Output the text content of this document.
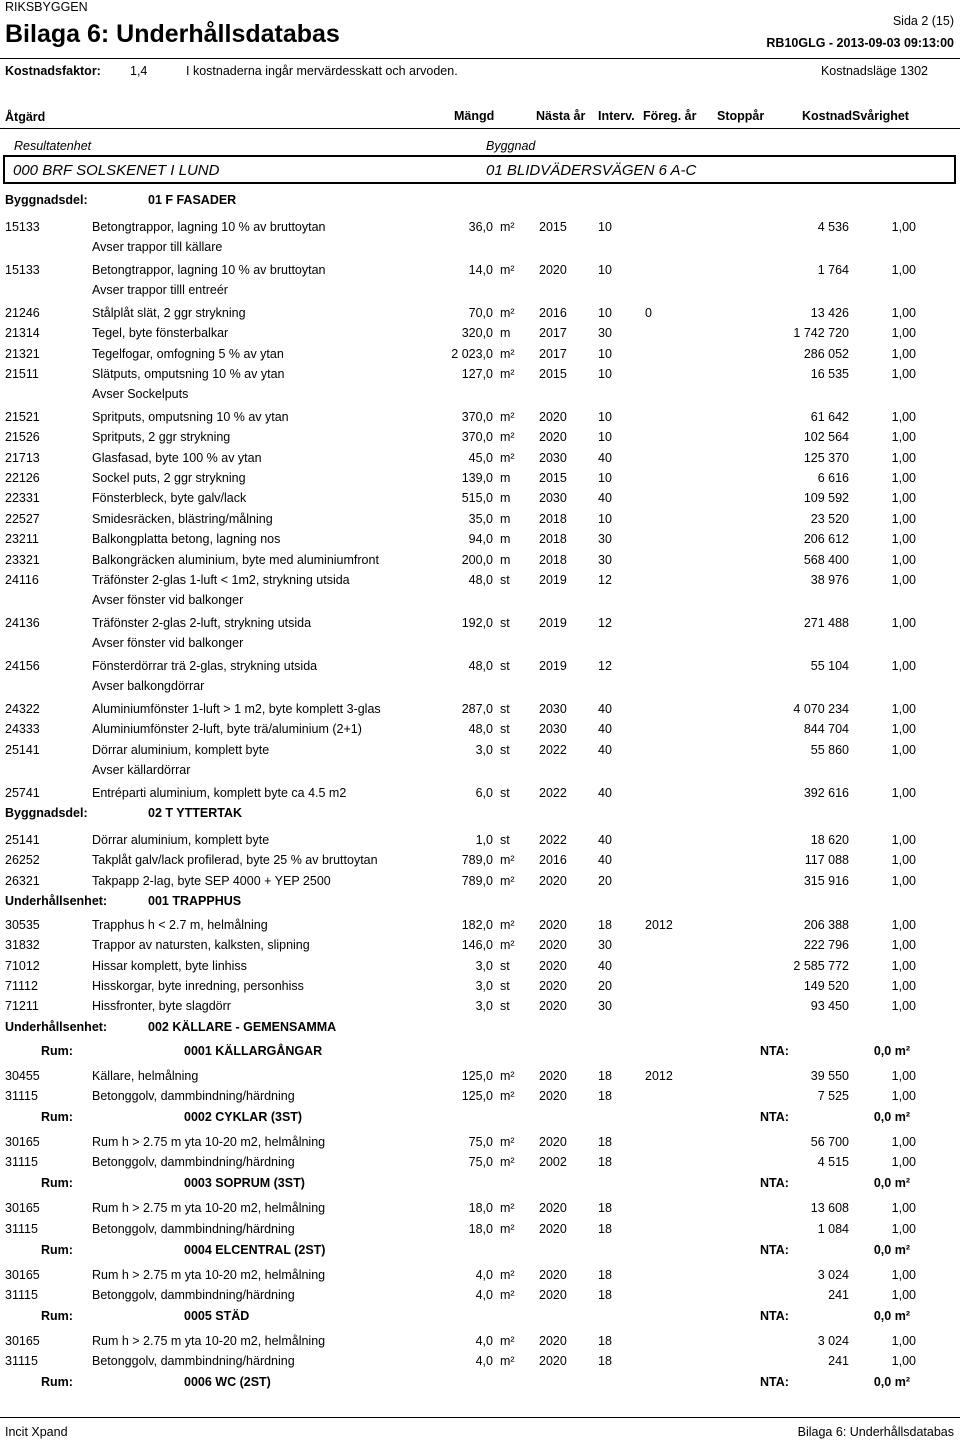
RIKSBYGGEN
Bilaga 6: Underhållsdatabas	Sida 2 (15)
RB10GLG - 2013-09-03 09:13:00
Kostnadsfaktor: 1,4	I kostnaderna ingår mervärdesskatt och arvoden.	Kostnadsläge 1302
Åtgärd	Mängd	Nästa år Interv. Föreg. år Stoppår	Kostnad Svårighet
Resultatenhet	Byggnad
000 BRF SOLSKENET I LUND	01 BLIDVÄDERSVÄGEN 6 A-C
Byggnadsdel:	01 F FASADER
15133	Betongtrappor, lagning 10 % av bruttoytan	36,0 m² 2015 10	4 536	1,00
Avser trappor till källare
15133	Betongtrappor, lagning 10 % av bruttoytan	14,0 m² 2020 10	1 764	1,00
Avser trappor tilll entreér
21246	Stålplåt slät, 2 ggr strykning	70,0 m² 2016 10	0	13 426	1,00
21314	Tegel, byte fönsterbalkar	320,0 m 2017 30	1 742 720	1,00
21321	Tegelfogar, omfogning 5 % av ytan	2 023,0 m² 2017 10	286 052	1,00
21511	Slätputs, omputsning 10 % av ytan	127,0 m² 2015 10	16 535	1,00
Avser Sockelputs
21521	Spritputs, omputsning 10 % av ytan	370,0 m² 2020 10	61 642	1,00
21526	Spritputs, 2 ggr strykning	370,0 m² 2020 10	102 564	1,00
21713	Glasfasad, byte 100 % av ytan	45,0 m² 2030 40	125 370	1,00
22126	Sockel puts, 2 ggr strykning	139,0 m 2015 10	6 616	1,00
22331	Fönsterbleck, byte galv/lack	515,0 m 2030 40	109 592	1,00
22527	Smidesräcken, blästring/målning	35,0 m 2018 10	23 520	1,00
23211	Balkongplatta betong, lagning nos	94,0 m 2018 30	206 612	1,00
23321	Balkongräcken aluminium, byte med aluminiumfront	200,0 m 2018 30	568 400	1,00
24116	Träfönster 2-glas 1-luft < 1m2, strykning utsida	48,0 st 2019 12	38 976	1,00
Avser fönster vid balkonger
24136	Träfönster 2-glas 2-luft, strykning utsida	192,0 st 2019 12	271 488	1,00
Avser fönster vid balkonger
24156	Fönsterdörrar trä 2-glas, strykning utsida	48,0 st 2019 12	55 104	1,00
Avser balkongdörrar
24322	Aluminiumfönster 1-luft > 1 m2, byte komplett 3-glas	287,0 st 2030 40	4 070 234	1,00
24333	Aluminiumfönster 2-luft, byte trä/aluminium (2+1)	48,0 st 2030 40	844 704	1,00
25141	Dörrar aluminium, komplett byte	3,0 st 2022 40	55 860	1,00
Avser källardörrar
25741	Entréparti aluminium, komplett byte ca 4.5 m2	6,0 st 2022 40	392 616	1,00
Byggnadsdel:	02 T YTTERTAK
25141	Dörrar aluminium, komplett byte	1,0 st 2022 40	18 620	1,00
26252	Takplåt galv/lack profilerad, byte 25 % av bruttoytan	789,0 m² 2016 40	117 088	1,00
26321	Takpapp 2-lag, byte SEP 4000 + YEP 2500	789,0 m² 2020 20	315 916	1,00
Underhållsenhet:	001 TRAPPHUS
30535	Trapphus h < 2.7 m, helmålning	182,0 m² 2020 18	2012	206 388	1,00
31832	Trappor av natursten, kalksten, slipning	146,0 m² 2020 30	222 796	1,00
71012	Hissar komplett, byte linhiss	3,0 st 2020 40	2 585 772	1,00
71112	Hisskorgar, byte inredning, personhiss	3,0 st 2020 20	149 520	1,00
71211	Hissfronter, byte slagdörr	3,0 st 2020 30	93 450	1,00
Underhållsenhet:	002 KÄLLARE - GEMENSAMMA
Rum:	0001 KÄLLARGÅNGAR	NTA:	0,0 m²
30455	Källare, helmålning	125,0 m² 2020 18	2012	39 550	1,00
31115	Betonggolv, dammbindning/härdning	125,0 m² 2020 18	7 525	1,00
Rum:	0002 CYKLAR (3ST)	NTA:	0,0 m²
30165	Rum h > 2.75 m yta 10-20 m2, helmålning	75,0 m² 2020 18	56 700	1,00
31115	Betonggolv, dammbindning/härdning	75,0 m² 2002 18	4 515	1,00
Rum:	0003 SOPRUM (3ST)	NTA:	0,0 m²
30165	Rum h > 2.75 m yta 10-20 m2, helmålning	18,0 m² 2020 18	13 608	1,00
31115	Betonggolv, dammbindning/härdning	18,0 m² 2020 18	1 084	1,00
Rum:	0004 ELCENTRAL (2ST)	NTA:	0,0 m²
30165	Rum h > 2.75 m yta 10-20 m2, helmålning	4,0 m² 2020 18	3 024	1,00
31115	Betonggolv, dammbindning/härdning	4,0 m² 2020 18	241	1,00
Rum:	0005 STÄD	NTA:	0,0 m²
30165	Rum h > 2.75 m yta 10-20 m2, helmålning	4,0 m² 2020 18	3 024	1,00
31115	Betonggolv, dammbindning/härdning	4,0 m² 2020 18	241	1,00
Rum:	0006 WC (2ST)	NTA:	0,0 m²
Incit Xpand	Bilaga 6: Underhållsdatabas
